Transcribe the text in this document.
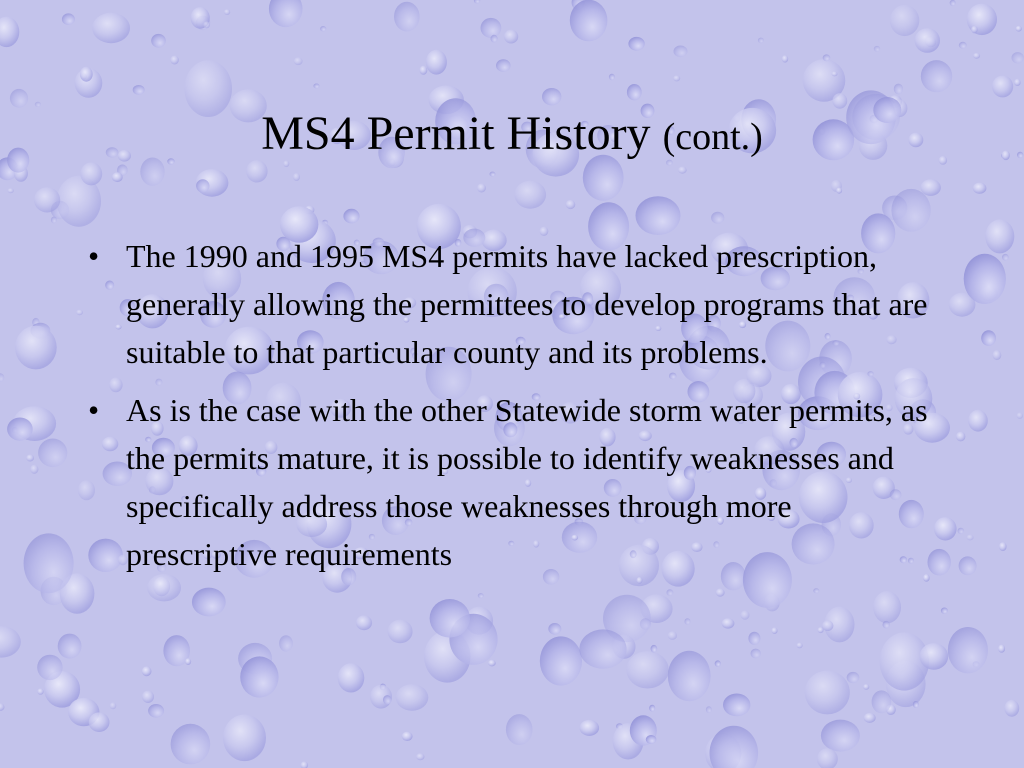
MS4 Permit History (cont.)
• The 1990 and 1995 MS4 permits have lacked prescription, generally allowing the permittees to develop programs that are suitable to that particular county and its problems.
• As is the case with the other Statewide storm water permits, as the permits mature, it is possible to identify weaknesses and specifically address those weaknesses through more prescriptive requirements
